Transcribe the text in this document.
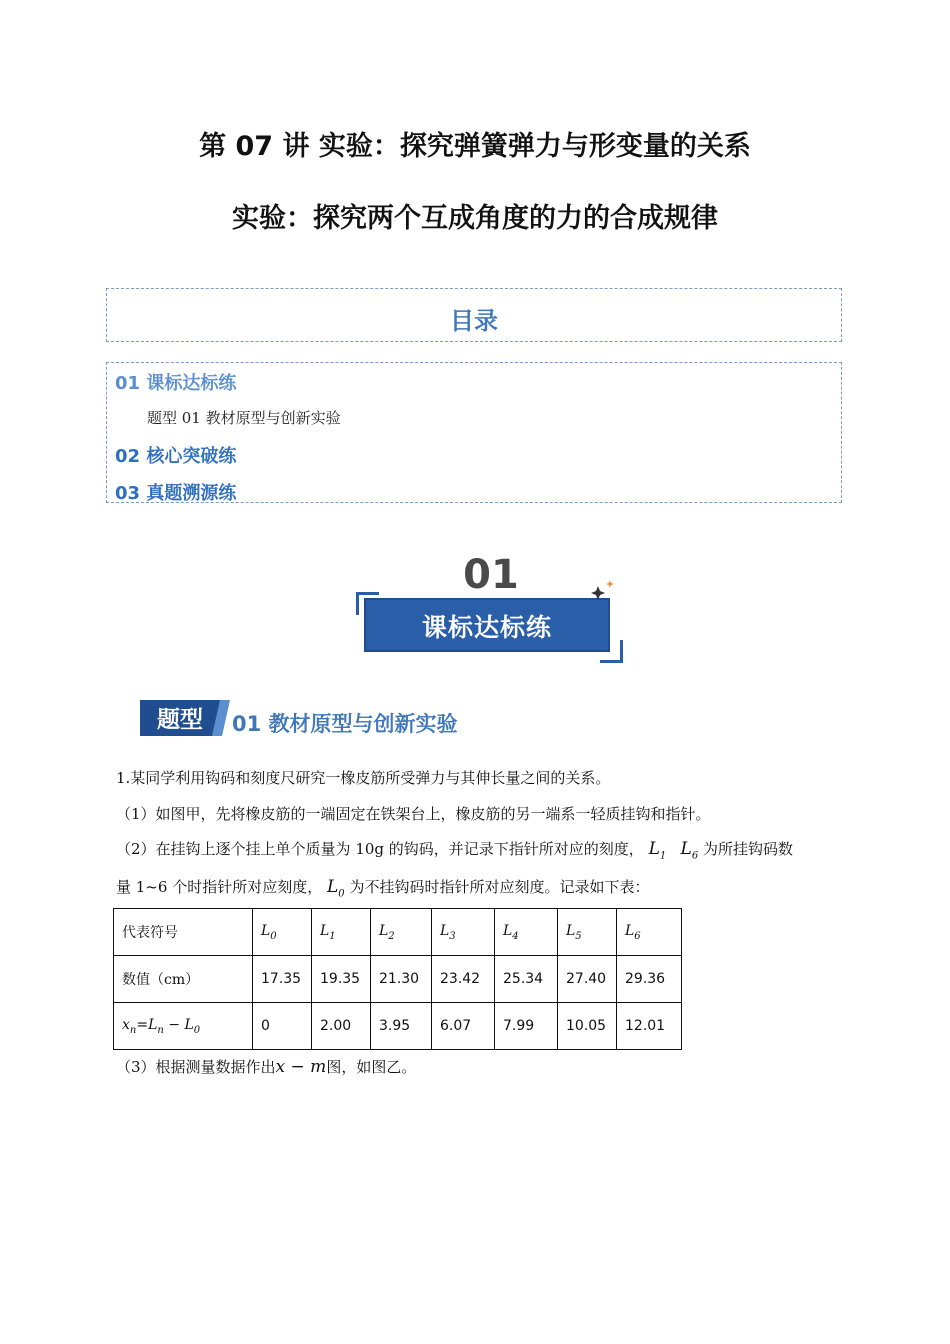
第 07 讲 实验：探究弹簧弹力与形变量的关系
实验：探究两个互成角度的力的合成规律
目录
01 课标达标练
题型 01 教材原型与创新实验
02 核心突破练
03 真题溯源练
01
课标达标练
题型 01 教材原型与创新实验
1.某同学利用钩码和刻度尺研究一橡皮筋所受弹力与其伸长量之间的关系。
（1）如图甲，先将橡皮筋的一端固定在铁架台上，橡皮筋的另一端系一轻质挂钩和指针。
（2）在挂钩上逐个挂上单个质量为 10g 的钩码，并记录下指针所对应的刻度， $L_1$ $L_6$ 为所挂钩码数
量 1~6 个时指针所对应刻度， $L_0$ 为不挂钩码时指针所对应刻度。记录如下表：
代表符号	$L_0$	$L_1$	$L_2$	$L_3$	$L_4$	$L_5$	$L_6$
数值（cm）	17.35	19.35	21.30	23.42	25.34	27.40	29.36
$x_n=L_n - L_0$	0	2.00	3.95	6.07	7.99	10.05	12.01
（3）根据测量数据作出x − m图，如图乙。
